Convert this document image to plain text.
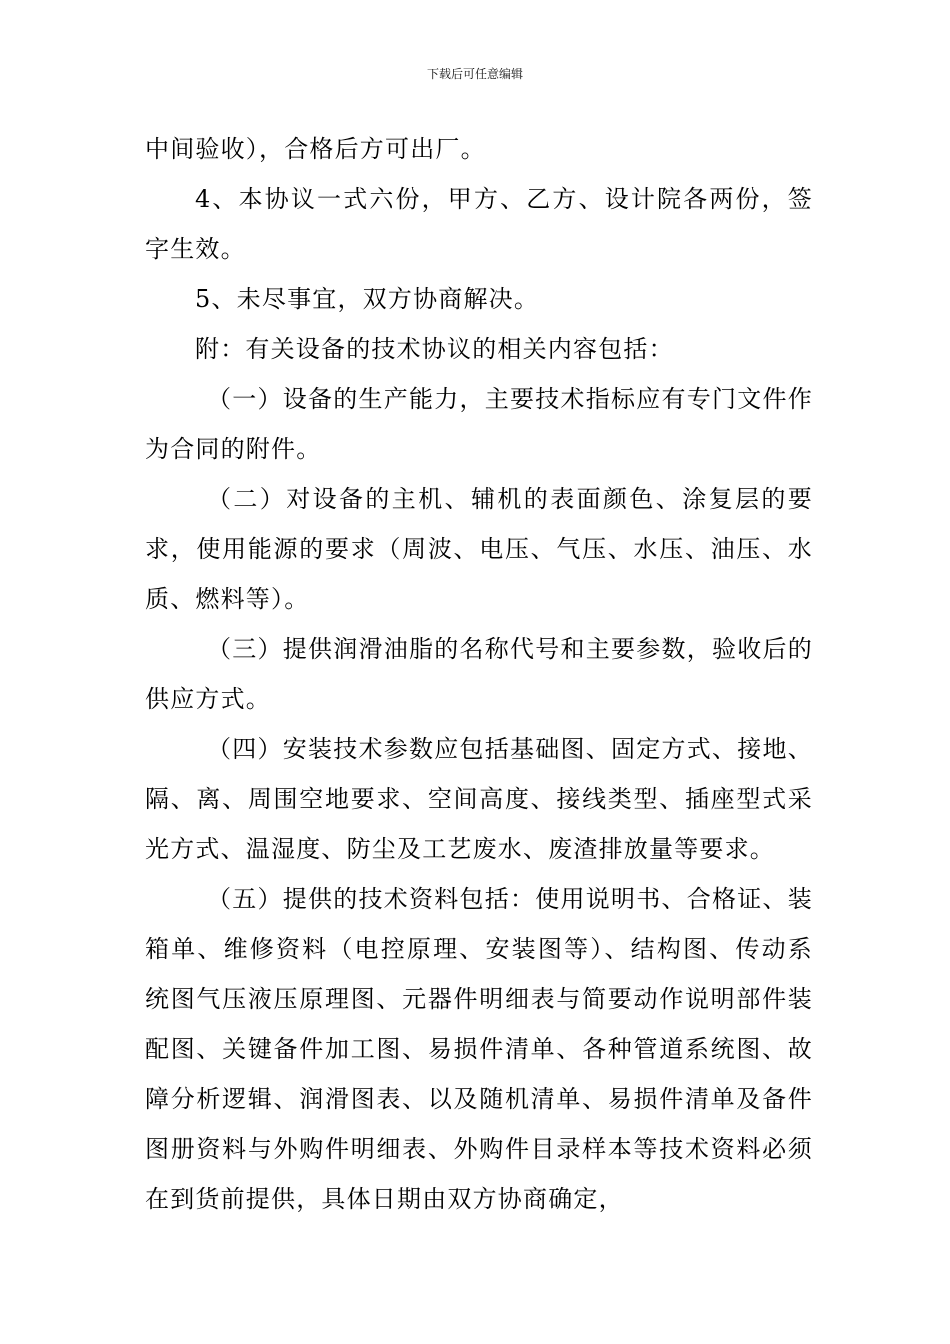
下载后可任意编辑

中间验收），合格后方可出厂。

4、本协议一式六份，甲方、乙方、设计院各两份，签字生效。

5、未尽事宜，双方协商解决。

附：有关设备的技术协议的相关内容包括：

（一）设备的生产能力，主要技术指标应有专门文件作为合同的附件。

（二）对设备的主机、辅机的表面颜色、涂复层的要求，使用能源的要求（周波、电压、气压、水压、油压、水质、燃料等）。

（三）提供润滑油脂的名称代号和主要参数，验收后的供应方式。

（四）安装技术参数应包括基础图、固定方式、接地、隔、离、周围空地要求、空间高度、接线类型、插座型式采光方式、温湿度、防尘及工艺废水、废渣排放量等要求。

（五）提供的技术资料包括：使用说明书、合格证、装箱单、维修资料（电控原理、安装图等）、结构图、传动系统图气压液压原理图、元器件明细表与简要动作说明部件装配图、关键备件加工图、易损件清单、各种管道系统图、故障分析逻辑、润滑图表、以及随机清单、易损件清单及备件图册资料与外购件明细表、外购件目录样本等技术资料必须在到货前提供，具体日期由双方协商确定，
